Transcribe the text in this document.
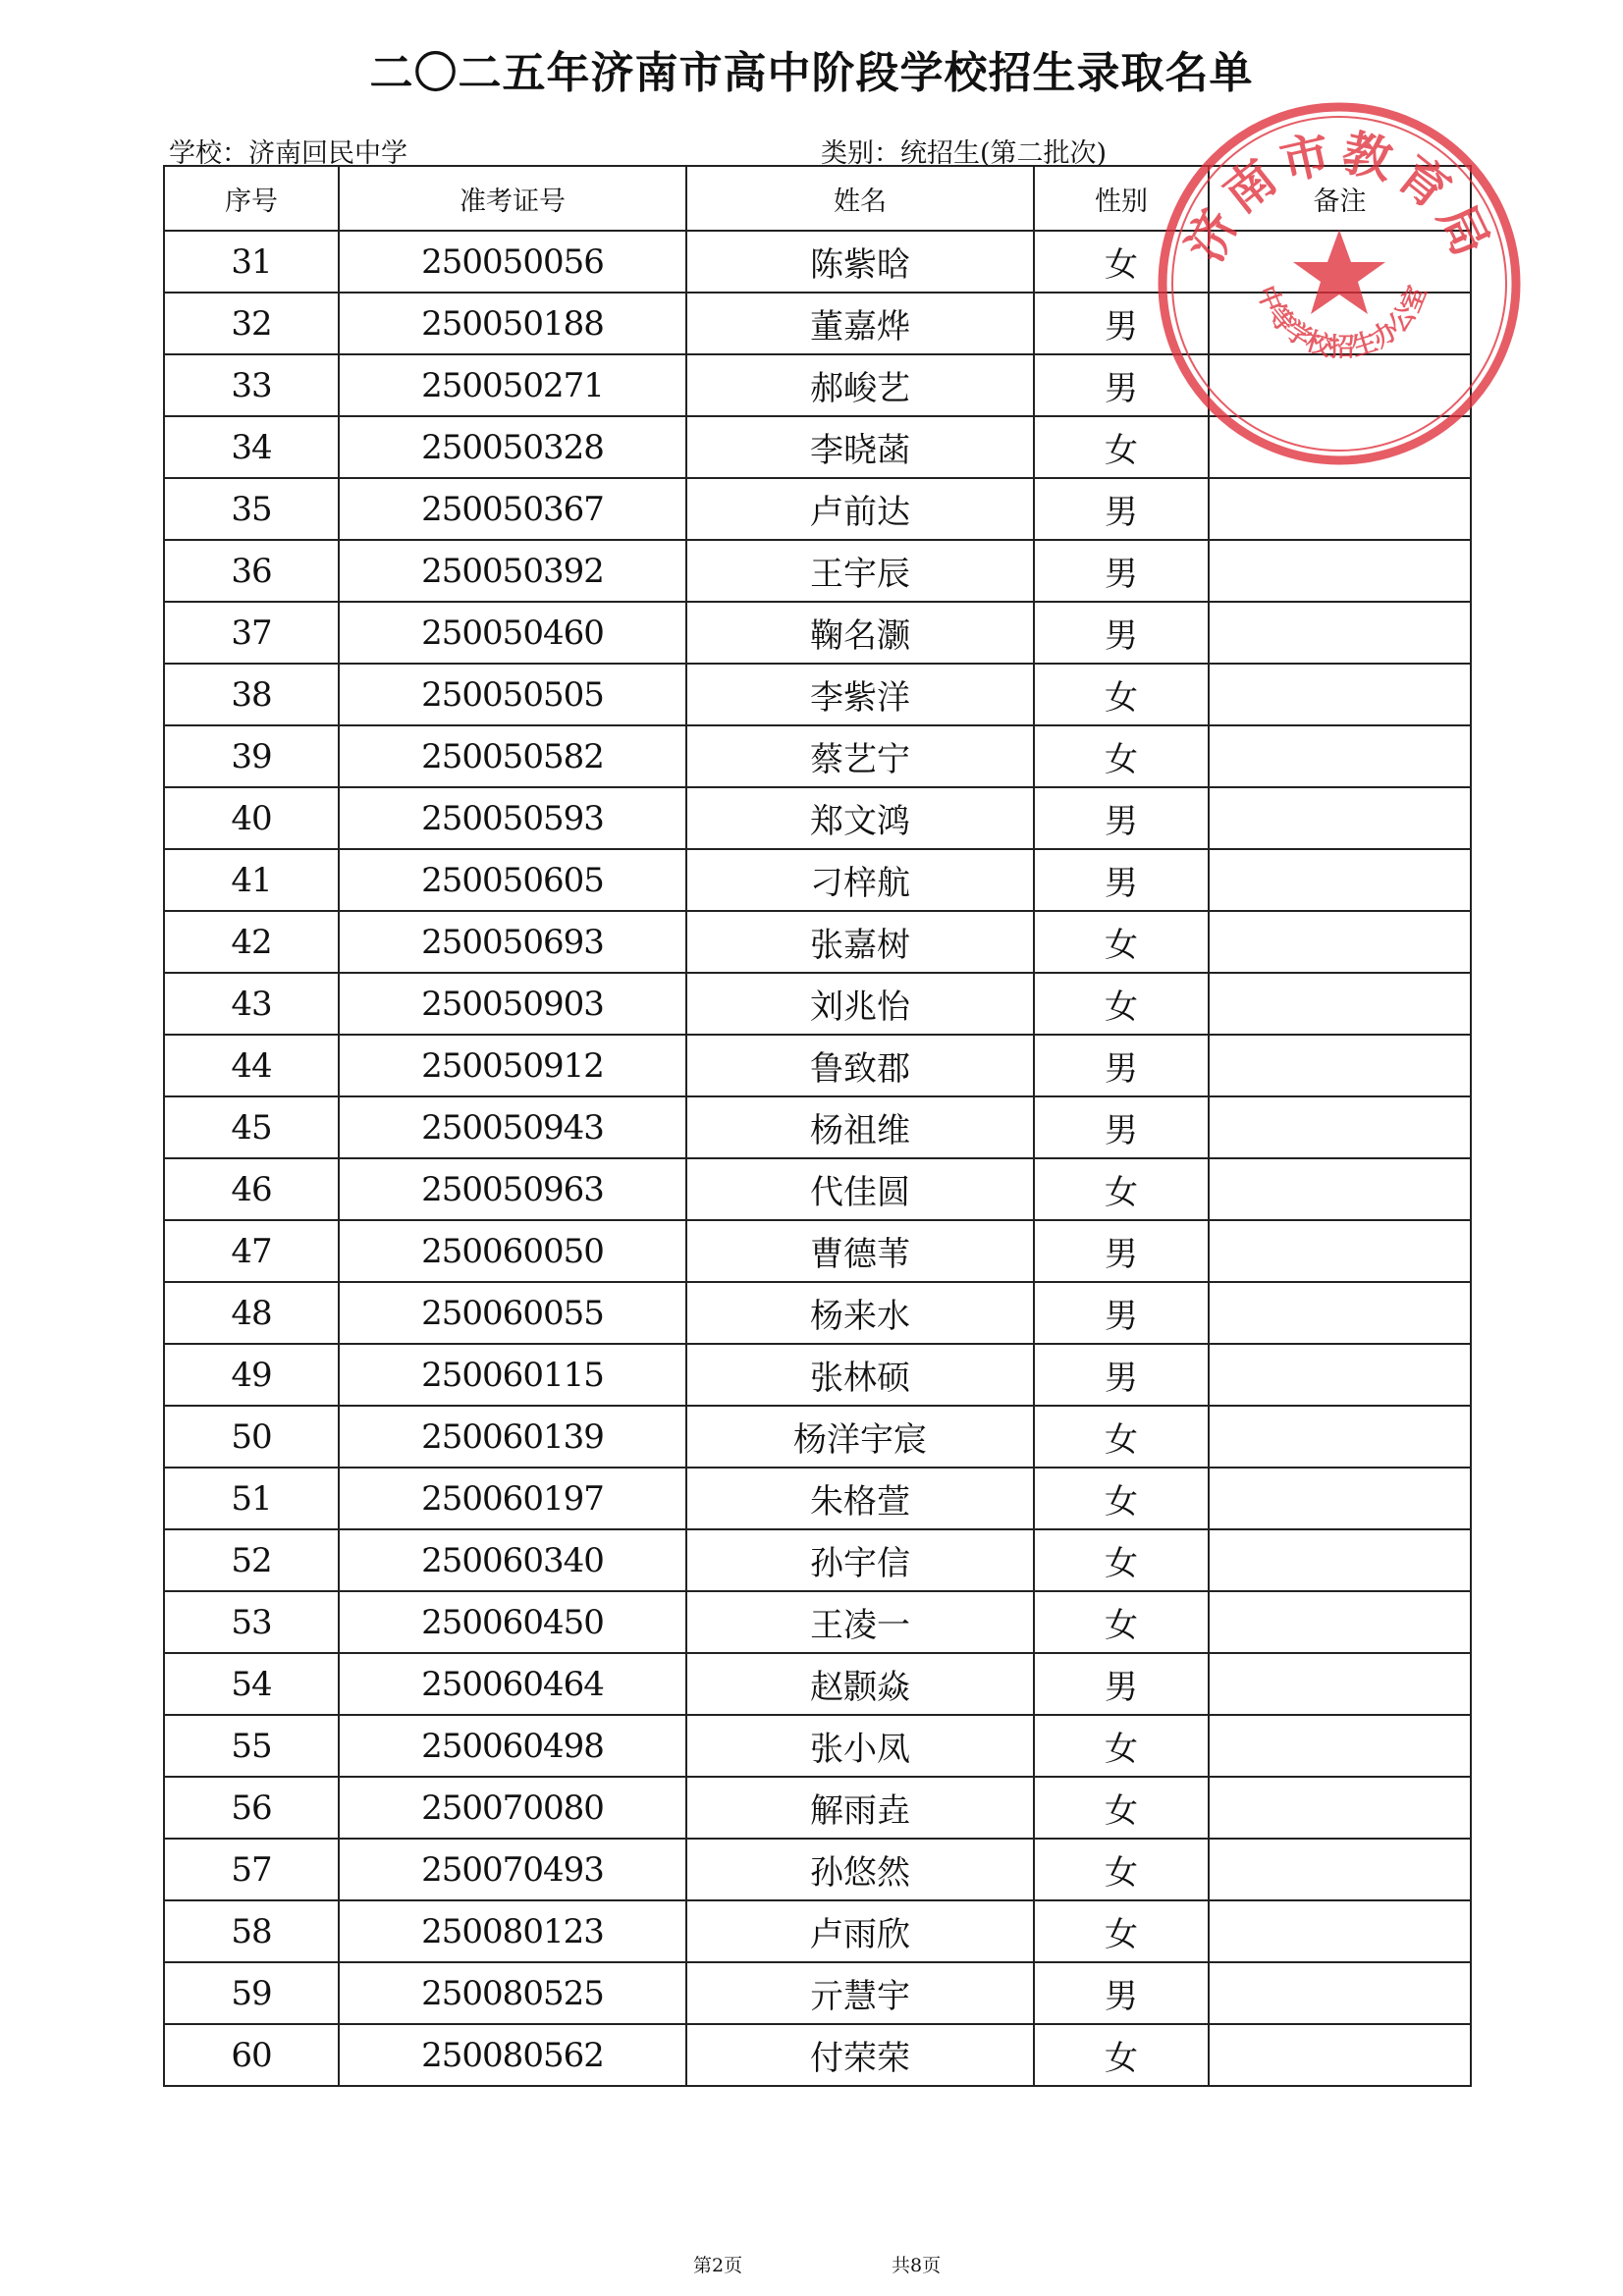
二〇二五年济南市高中阶段学校招生录取名单
学校：济南回民中学	类别：统招生(第二批次)
序号	准考证号	姓名	性别	备注
31	250050056	陈紫晗	女	
32	250050188	董嘉烨	男	
33	250050271	郝峻艺	男	
34	250050328	李晓菡	女	
35	250050367	卢前达	男	
36	250050392	王宇辰	男	
37	250050460	鞠名灏	男	
38	250050505	李紫洋	女	
39	250050582	蔡艺宁	女	
40	250050593	郑文鸿	男	
41	250050605	刁梓航	男	
42	250050693	张嘉树	女	
43	250050903	刘兆怡	女	
44	250050912	鲁致郡	男	
45	250050943	杨祖维	男	
46	250050963	代佳圆	女	
47	250060050	曹德苇	男	
48	250060055	杨来水	男	
49	250060115	张林硕	男	
50	250060139	杨洋宇宸	女	
51	250060197	朱格萱	女	
52	250060340	孙宇信	女	
53	250060450	王凌一	女	
54	250060464	赵颢焱	男	
55	250060498	张小凤	女	
56	250070080	解雨垚	女	
57	250070493	孙悠然	女	
58	250080123	卢雨欣	女	
59	250080525	亓慧宇	男	
60	250080562	付荣荣	女	
济南市教育局
中等学校招生办公室
第2页	共8页
